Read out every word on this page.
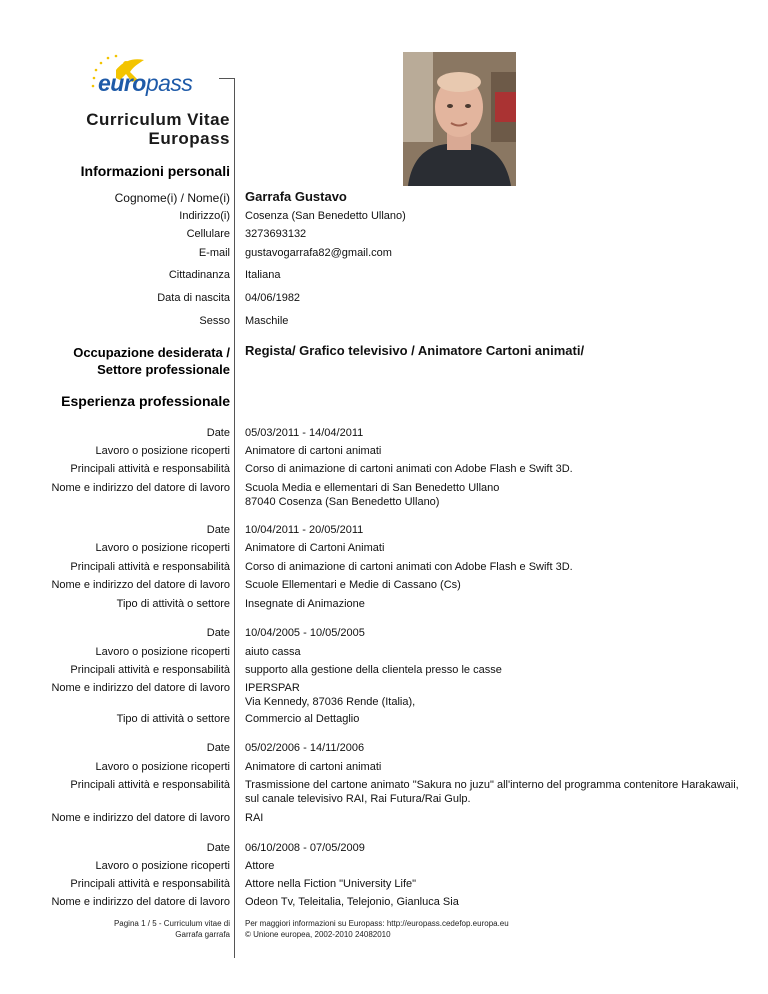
europass
Curriculum Vitae
Europass
Informazioni personali
Cognome(i) / Nome(i) Garrafa Gustavo
Indirizzo(i) Cosenza (San Benedetto Ullano)
Cellulare 3273693132
E-mail gustavogarrafa82@gmail.com
Cittadinanza Italiana
Data di nascita 04/06/1982
Sesso Maschile
Occupazione desiderata /
Settore professionale
Regista/ Grafico televisivo / Animatore Cartoni animati/
Esperienza professionale
Date 05/03/2011 - 14/04/2011
Lavoro o posizione ricoperti Animatore di cartoni animati
Principali attività e responsabilità Corso di animazione di cartoni animati con Adobe Flash e Swift 3D.
Nome e indirizzo del datore di lavoro Scuola Media e ellementari di San Benedetto Ullano
87040 Cosenza (San Benedetto Ullano)
Date 10/04/2011 - 20/05/2011
Lavoro o posizione ricoperti Animatore di Cartoni Animati
Principali attività e responsabilità Corso di animazione di cartoni animati con Adobe Flash e Swift 3D.
Nome e indirizzo del datore di lavoro Scuole Ellementari e Medie di Cassano (Cs)
Tipo di attività o settore Insegnate di Animazione
Date 10/04/2005 - 10/05/2005
Lavoro o posizione ricoperti aiuto cassa
Principali attività e responsabilità supporto alla gestione della clientela presso le casse
Nome e indirizzo del datore di lavoro IPERSPAR
Via Kennedy, 87036 Rende (Italia),
Tipo di attività o settore Commercio al Dettaglio
Date 05/02/2006 - 14/11/2006
Lavoro o posizione ricoperti Animatore di cartoni animati
Principali attività e responsabilità Trasmissione del cartone animato "Sakura no juzu" all'interno del programma contenitore Harakawaii,
sul canale televisivo RAI, Rai Futura/Rai Gulp.
Nome e indirizzo del datore di lavoro RAI
Date 06/10/2008 - 07/05/2009
Lavoro o posizione ricoperti Attore
Principali attività e responsabilità Attore nella Fiction "University Life"
Nome e indirizzo del datore di lavoro Odeon Tv, Teleitalia, Telejonio, Gianluca Sia
Pagina 1 / 5 - Curriculum vitae di
Garrafa garrafa
Per maggiori informazioni su Europass: http://europass.cedefop.europa.eu
© Unione europea, 2002-2010 24082010
